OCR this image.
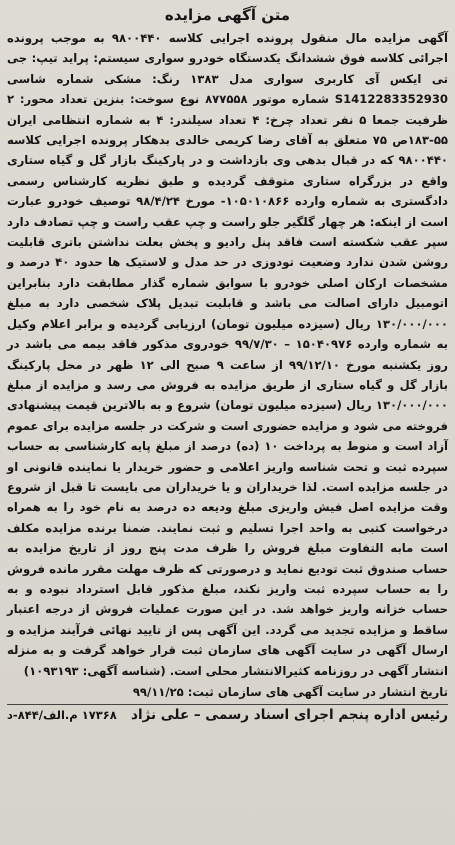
متن آگهی مزایده
آگهی مزایده مال منقول پرونده اجرایی کلاسه ۹۸۰۰۴۴۰ به موجب پرونده اجرائی کلاسه فوق ششدانگ یکدستگاه خودرو سواری سیستم: پراید تیپ: جی تی ایکس آی کاربری سواری مدل ۱۳۸۳ رنگ: مشکی شماره شاسی S1412283352930 شماره موتور ۸۷۷۵۵۸ نوع سوخت: بنزین تعداد محور: ۲ ظرفیت جمعا ۵ نفر تعداد چرخ: ۴ تعداد سیلندر: ۴ به شماره انتظامی ایران ۵۵-۱۸۳ص ۷۵ متعلق به آقای رضا کریمی خالدی بدهکار پرونده اجرایی کلاسه ۹۸۰۰۴۴۰ که در قبال بدهی وی بازداشت و در پارکینگ بازار گل و گیاه ستاری واقع در بزرگراه ستاری متوقف گردیده و طبق نظریه کارشناس رسمی دادگستری به شماره وارده ۱۰۵۰۱۰۸۶۶- مورخ ۹۸/۴/۲۴ توصیف خودرو عبارت است از اینکه: هر چهار گلگیر جلو راست و چپ عقب راست و چپ تصادف دارد سپر عقب شکسته است فاقد پنل رادیو و پخش بعلت نداشتن باتری قابلیت روشن شدن ندارد وضعیت تودوزی در حد مدل و لاستیک ها حدود ۴۰ درصد و مشخصات ارکان اصلی خودرو با سوابق شماره گذار مطابقت دارد بنابراین اتومبیل دارای اصالت می باشد و قابلیت تبدیل پلاک شخصی دارد به مبلغ ۱۳۰/۰۰۰/۰۰۰ ریال (سیزده میلیون تومان) ارزیابی گردیده و برابر اعلام وکیل به شماره وارده ۱۵۰۴۰۹۷۶ – ۹۹/۷/۳۰ خودروی مذکور فاقد بیمه می باشد در روز یکشنبه مورخ ۹۹/۱۲/۱۰ از ساعت ۹ صبح الی ۱۲ ظهر در محل پارکینگ بازار گل و گیاه ستاری از طریق مزایده به فروش می رسد و مزایده از مبلغ ۱۳۰/۰۰۰/۰۰۰ ریال (سیزده میلیون تومان) شروع و به بالاترین قیمت پیشنهادی فروخته می شود و مزایده حضوری است و شرکت در جلسه مزایده برای عموم آزاد است و منوط به پرداخت ۱۰ (ده) درصد از مبلغ پایه کارشناسی به حساب سپرده ثبت و تحت شناسه واریز اعلامی و حضور خریدار یا نماینده قانونی او در جلسه مزایده است. لذا خریداران و یا خریداران می بایست تا قبل از شروع وقت مزایده اصل فیش واریزی مبلغ ودیعه ده درصد به نام خود را به همراه درخواست کتبی به واحد اجرا تسلیم و ثبت نمایند. ضمنا برنده مزایده مکلف است مابه التفاوت مبلغ فروش را ظرف مدت پنج روز از تاریخ مزایده به حساب صندوق ثبت تودیع نماید و درصورتی که ظرف مهلت مقرر مانده فروش را به حساب سپرده ثبت واریز نکند، مبلغ مذکور قابل استرداد نبوده و به حساب خزانه واریز خواهد شد. در این صورت عملیات فروش از درجه اعتبار ساقط و مزایده تجدید می گردد. این آگهی پس از تایید نهائی فرآیند مزایده و ارسال آگهی در سایت آگهی های سازمان ثبت قرار خواهد گرفت و به منزله انتشار آگهی در روزنامه کثیرالانتشار محلی است. (شناسه آگهی: ۱۰۹۳۱۹۳)
تاریخ انتشار در سایت آگهی های سازمان ثبت: ۹۹/۱۱/۲۵
رئیس اداره پنجم اجرای اسناد رسمی – علی نژاد
۱۷۳۶۸ م.الف/۸۴۴-د
